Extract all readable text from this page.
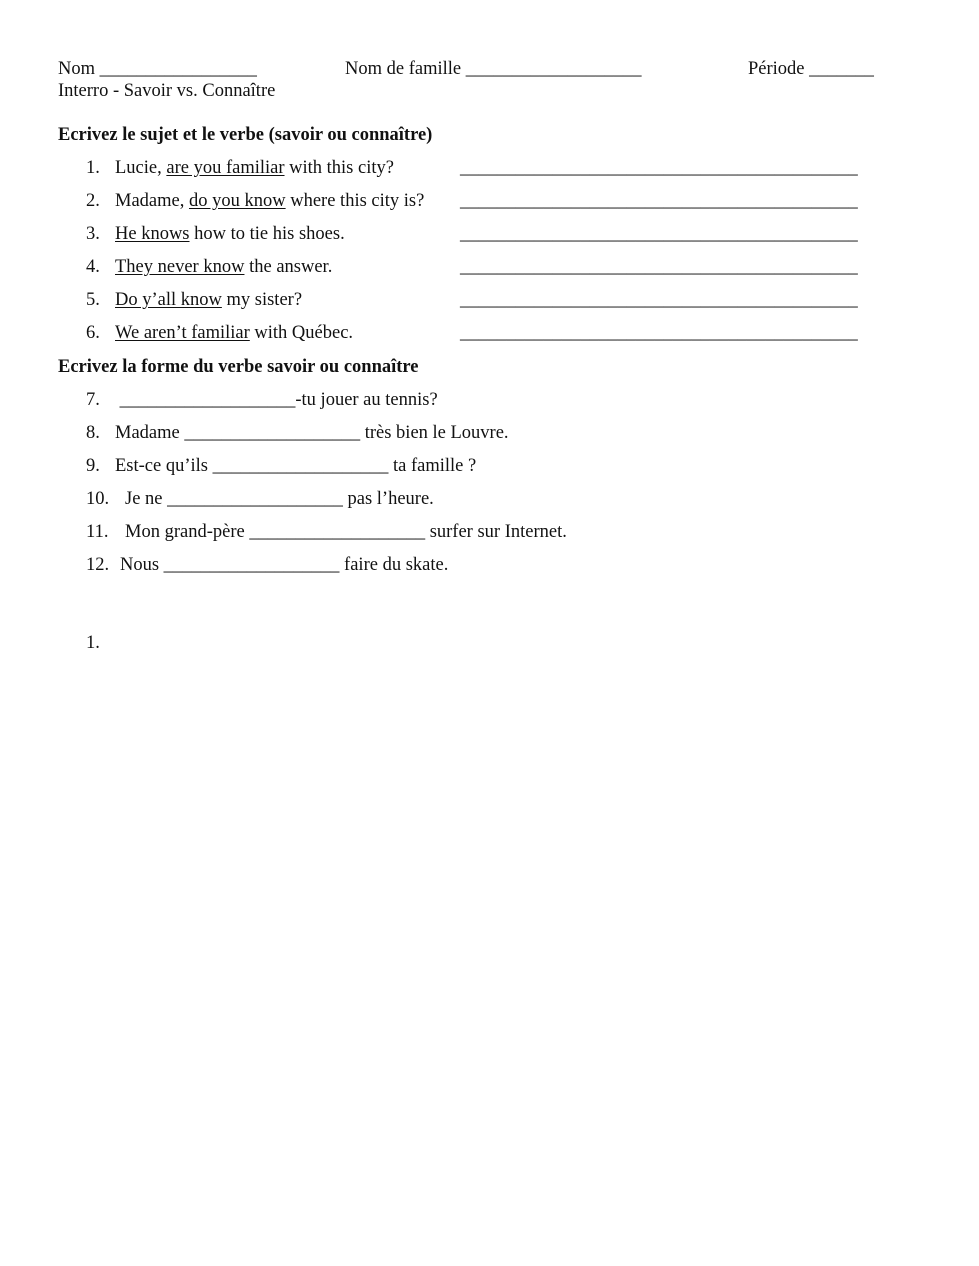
Nom _________________	Nom de famille ___________________	Période _______
Interro - Savoir vs. Connaître
Ecrivez le sujet et le verbe (savoir ou connaître)
1. Lucie, are you familiar with this city?	___________________________________________
2. Madame, do you know where this city is? ___________________________________________
3. He knows how to tie his shoes.	___________________________________________
4. They never know the answer.	___________________________________________
5. Do y’all know my sister?	___________________________________________
6. We aren’t familiar with Québec.	___________________________________________
Ecrivez la forme du verbe savoir ou connaître
7. ___________________-tu jouer au tennis?
8. Madame ___________________ très bien le Louvre.
9. Est-ce qu’ils ___________________ ta famille ?
10. Je ne ___________________ pas l’heure.
11. Mon grand-père ___________________ surfer sur Internet.
12. Nous ___________________ faire du skate.
1.
